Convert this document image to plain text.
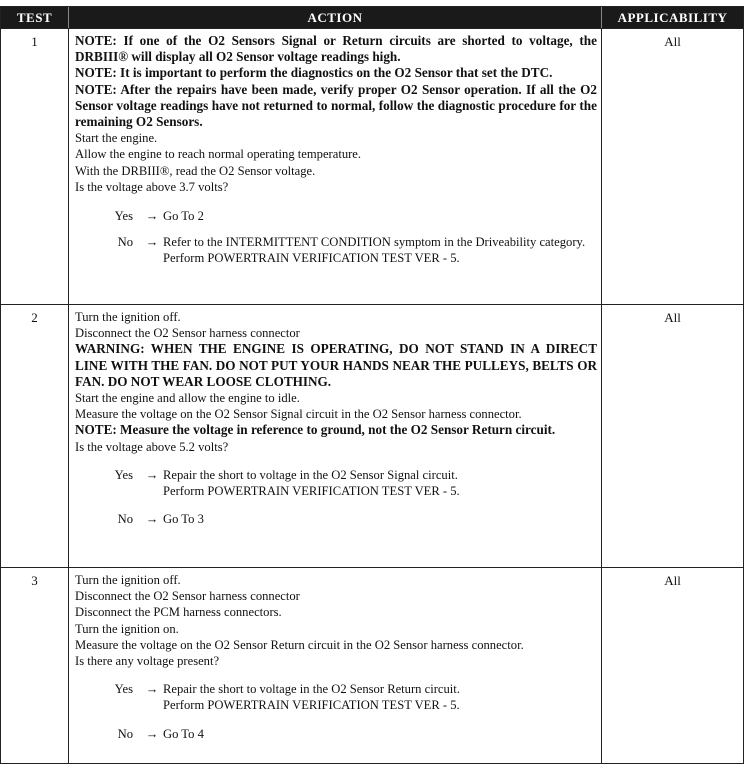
TEST	ACTION	APPLICABILITY
1	NOTE: If one of the O2 Sensors Signal or Return circuits are shorted to voltage, the DRBIII® will display all O2 Sensor voltage readings high.

NOTE: It is important to perform the diagnostics on the O2 Sensor that set the DTC.

NOTE: After the repairs have been made, verify proper O2 Sensor operation. If all the O2 Sensor voltage readings have not returned to normal, follow the diagnostic procedure for the remaining O2 Sensors.

Start the engine.

Allow the engine to reach normal operating temperature.

With the DRBIII®, read the O2 Sensor voltage.

Is the voltage above 3.7 volts?

Yes	→ Go To 2
No	→ Refer to the INTERMITTENT CONDITION symptom in the Driveability category.
Perform POWERTRAIN VERIFICATION TEST VER - 5.
All
2	Turn the ignition off.

Disconnect the O2 Sensor harness connector

WARNING: WHEN THE ENGINE IS OPERATING, DO NOT STAND IN A DIRECT LINE WITH THE FAN. DO NOT PUT YOUR HANDS NEAR THE PULLEYS, BELTS OR FAN. DO NOT WEAR LOOSE CLOTHING.

Start the engine and allow the engine to idle.

Measure the voltage on the O2 Sensor Signal circuit in the O2 Sensor harness connector.

NOTE: Measure the voltage in reference to ground, not the O2 Sensor Return circuit.

Is the voltage above 5.2 volts?

Yes	→ Repair the short to voltage in the O2 Sensor Signal circuit.
Perform POWERTRAIN VERIFICATION TEST VER - 5.
No	→ Go To 3
All
3	Turn the ignition off.

Disconnect the O2 Sensor harness connector

Disconnect the PCM harness connectors.

Turn the ignition on.

Measure the voltage on the O2 Sensor Return circuit in the O2 Sensor harness connector.

Is there any voltage present?

Yes	→ Repair the short to voltage in the O2 Sensor Return circuit.
Perform POWERTRAIN VERIFICATION TEST VER - 5.
No	→ Go To 4
All
